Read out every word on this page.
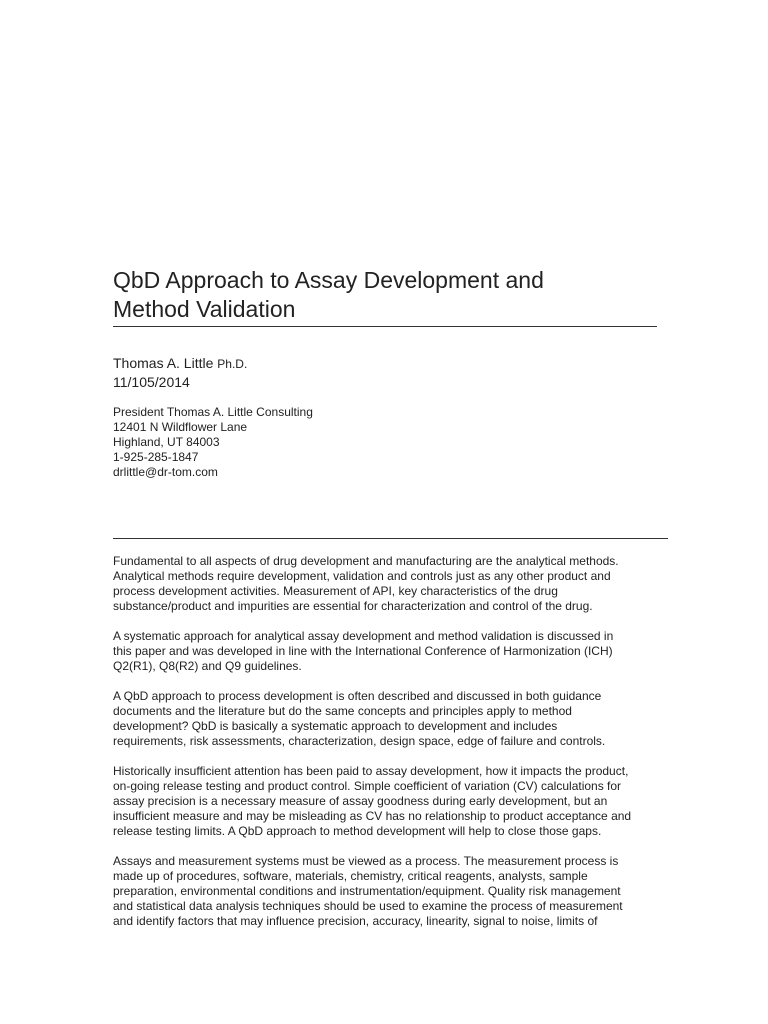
QbD Approach to Assay Development and
Method Validation
Thomas A. Little Ph.D.
11/105/2014
President Thomas A. Little Consulting
12401 N Wildflower Lane
Highland, UT 84003
1-925-285-1847
drlittle@dr-tom.com

Fundamental to all aspects of drug development and manufacturing are the analytical methods.
Analytical methods require development, validation and controls just as any other product and
process development activities. Measurement of API, key characteristics of the drug
substance/product and impurities are essential for characterization and control of the drug.

A systematic approach for analytical assay development and method validation is discussed in
this paper and was developed in line with the International Conference of Harmonization (ICH)
Q2(R1), Q8(R2) and Q9 guidelines.

A QbD approach to process development is often described and discussed in both guidance
documents and the literature but do the same concepts and principles apply to method
development? QbD is basically a systematic approach to development and includes
requirements, risk assessments, characterization, design space, edge of failure and controls.

Historically insufficient attention has been paid to assay development, how it impacts the product,
on-going release testing and product control. Simple coefficient of variation (CV) calculations for
assay precision is a necessary measure of assay goodness during early development, but an
insufficient measure and may be misleading as CV has no relationship to product acceptance and
release testing limits. A QbD approach to method development will help to close those gaps.

Assays and measurement systems must be viewed as a process. The measurement process is
made up of procedures, software, materials, chemistry, critical reagents, analysts, sample
preparation, environmental conditions and instrumentation/equipment. Quality risk management
and statistical data analysis techniques should be used to examine the process of measurement
and identify factors that may influence precision, accuracy, linearity, signal to noise, limits of
